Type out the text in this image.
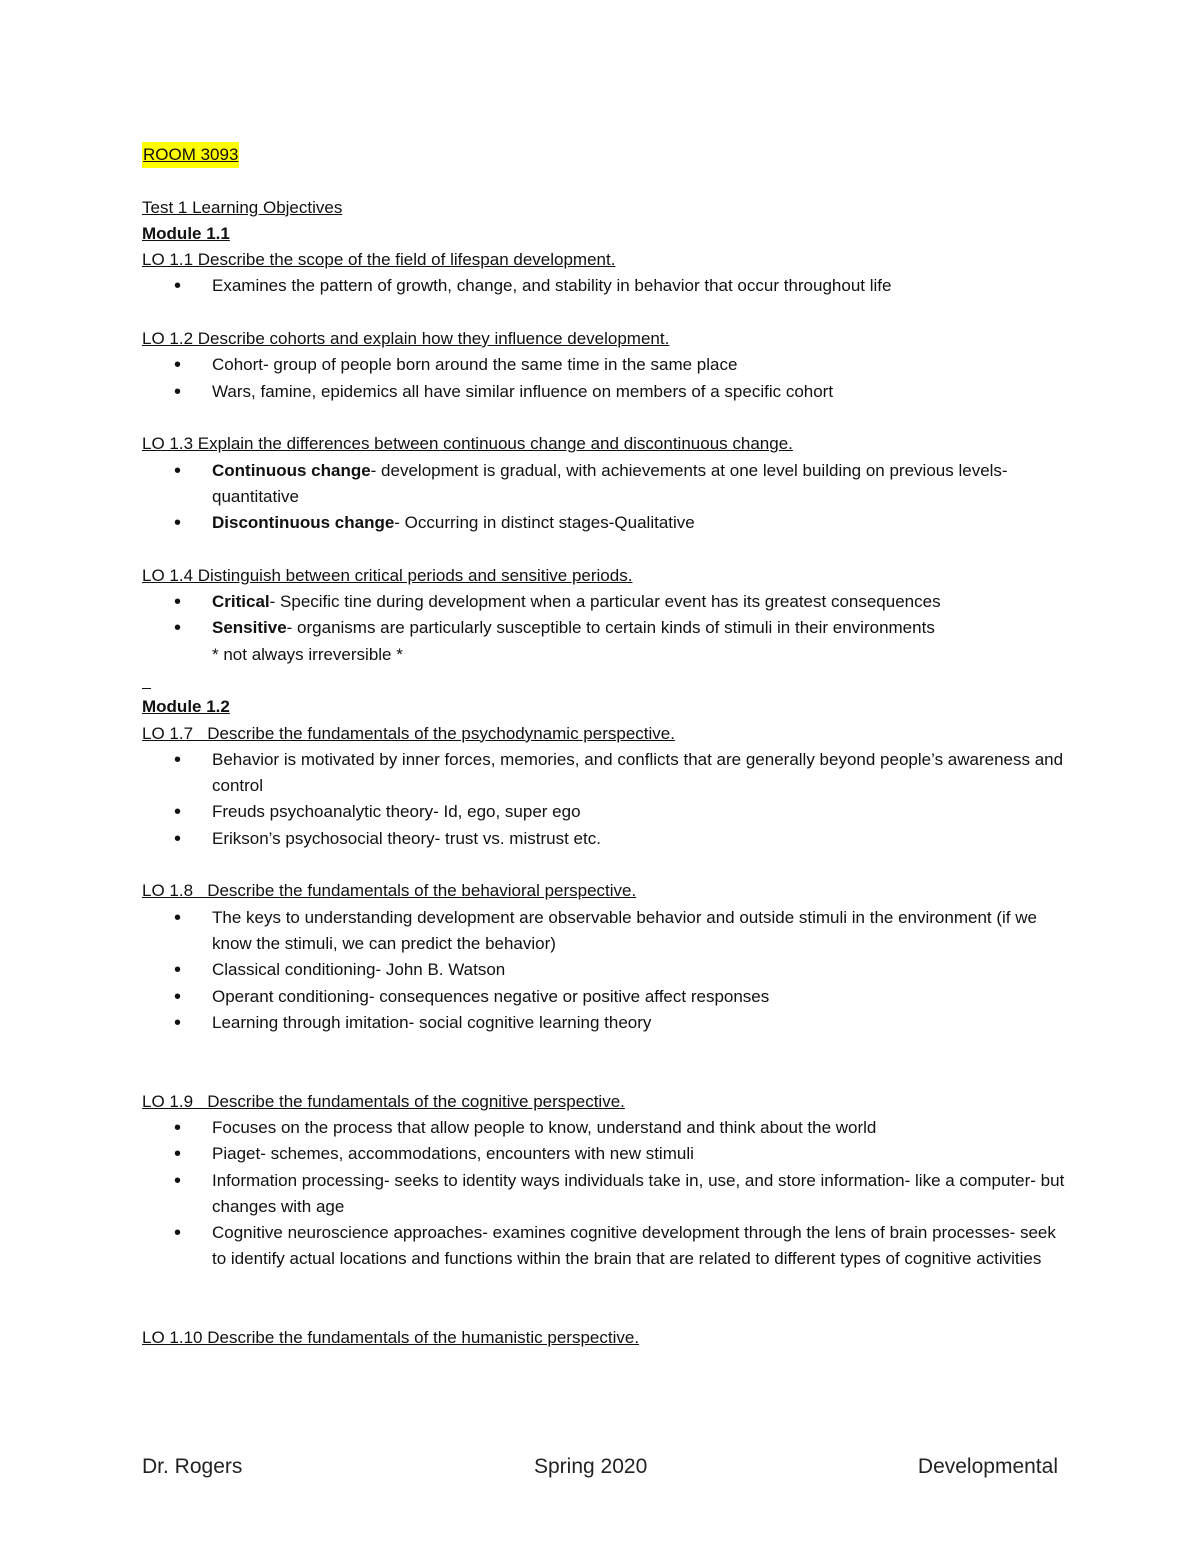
ROOM 3093
Test 1 Learning Objectives
Module 1.1
LO 1.1 Describe the scope of the field of lifespan development.
• Examines the pattern of growth, change, and stability in behavior that occur throughout life
LO 1.2 Describe cohorts and explain how they influence development.
• Cohort- group of people born around the same time in the same place
• Wars, famine, epidemics all have similar influence on members of a specific cohort
LO 1.3 Explain the differences between continuous change and discontinuous change.
• Continuous change- development is gradual, with achievements at one level building on previous levels- quantitative
• Discontinuous change- Occurring in distinct stages-Qualitative
LO 1.4 Distinguish between critical periods and sensitive periods.
• Critical- Specific tine during development when a particular event has its greatest consequences
• Sensitive- organisms are particularly susceptible to certain kinds of stimuli in their environments
* not always irreversible *
Module 1.2
LO 1.7   Describe the fundamentals of the psychodynamic perspective.
• Behavior is motivated by inner forces, memories, and conflicts that are generally beyond people’s awareness and control
• Freuds psychoanalytic theory- Id, ego, super ego
• Erikson’s psychosocial theory- trust vs. mistrust etc.
LO 1.8   Describe the fundamentals of the behavioral perspective.
• The keys to understanding development are observable behavior and outside stimuli in the environment (if we know the stimuli, we can predict the behavior)
• Classical conditioning- John B. Watson
• Operant conditioning- consequences negative or positive affect responses
• Learning through imitation- social cognitive learning theory
LO 1.9   Describe the fundamentals of the cognitive perspective.
• Focuses on the process that allow people to know, understand and think about the world
• Piaget- schemes, accommodations, encounters with new stimuli
• Information processing- seeks to identity ways individuals take in, use, and store information- like a computer- but changes with age
• Cognitive neuroscience approaches- examines cognitive development through the lens of brain processes- seek to identify actual locations and functions within the brain that are related to different types of cognitive activities
LO 1.10 Describe the fundamentals of the humanistic perspective.
Dr. Rogers	Spring 2020	Developmental
